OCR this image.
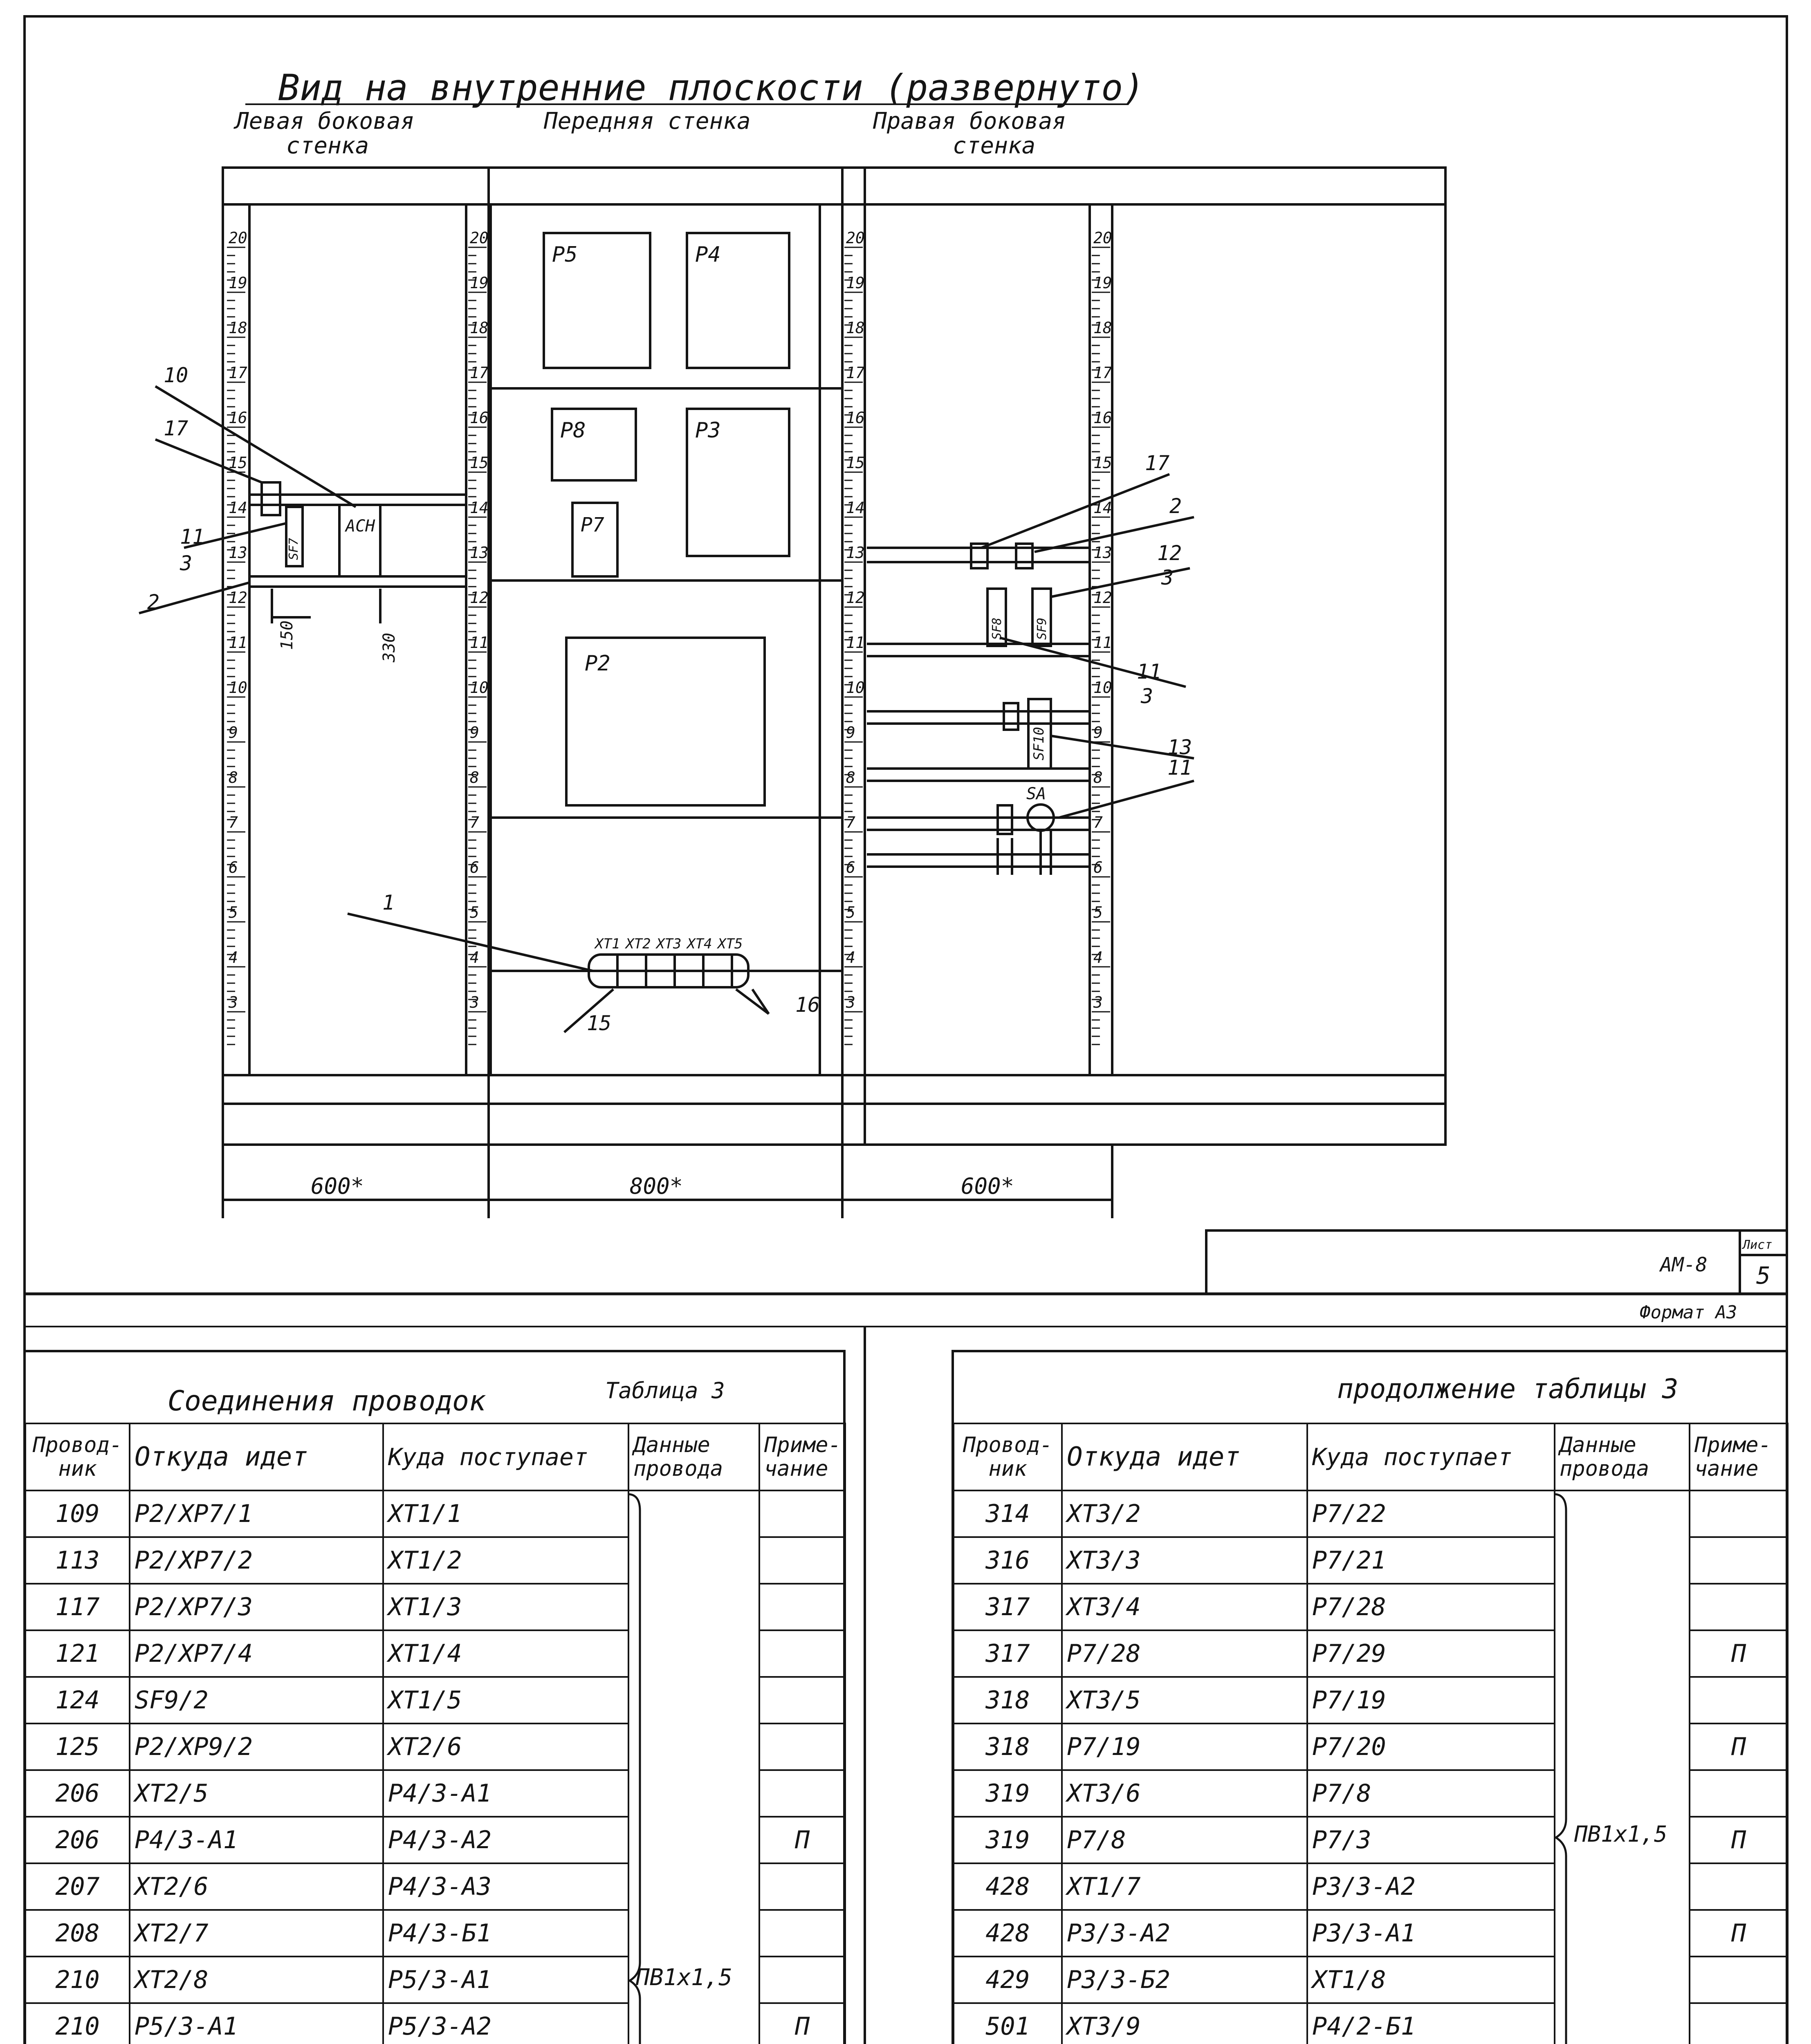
20
19
18
17
16
15
14
13
12
11
10
9
8
7
6
5
4
3
20
19
18
17
16
15
14
13
12
11
10
9
8
7
6
5
4
3
20
19
18
17
16
15
14
13
12
11
10
9
8
7
6
5
4
3
20
19
18
17
16
15
14
13
12
11
10
9
8
7
6
5
4
3
Вид на внутренние плоскости (развернуто)
Левая боковая
стенка
Передняя стенка	Правая боковая
стенка
P5	P4
P8	P3
P7
P2
ACH
SF7
SF8	SF9
SF10
SA
XT1 XT2 XT3 XT4 XT5
10
17
11
3
2
1
15
16
17
2
12
3
11
3
13
11
150	330
600*	800*	600*
AM-8
Лист
5
Формат А3
Соединения проводок	Таблица 3	продолжение таблицы 3
Провод-ник	Откуда идет	Куда поступает	Данные провода	Приме-чание
109	P2/XP7/1	XT1/1		
113	P2/XP7/2	XT1/2		
117	P2/XP7/3	XT1/3		
121	P2/XP7/4	XT1/4		
124	SF9/2	XT1/5		
125	P2/XP9/2	XT2/6		
206	XT2/5	P4/3-A1		
206	P4/3-A1	P4/3-A2		П
207	XT2/6	P4/3-A3		
208	XT2/7	P4/3-Б1		
210	XT2/8	P5/3-A1		
210	P5/3-A1	P5/3-A2		П

Провод-ник	Откуда идет	Куда поступает	Данные провода	Приме-чание
314	XT3/2	P7/22		
316	XT3/3	P7/21		
317	XT3/4	P7/28		
317	P7/28	P7/29		П
318	XT3/5	P7/19		
318	P7/19	P7/20		П
319	XT3/6	P7/8		
319	P7/8	P7/3		П
428	XT1/7	P3/3-A2		
428	P3/3-A2	P3/3-A1		П
429	P3/3-Б2	XT1/8		
501	XT3/9	P4/2-Б1		

ПВ1х1,5
ПВ1х1,5
